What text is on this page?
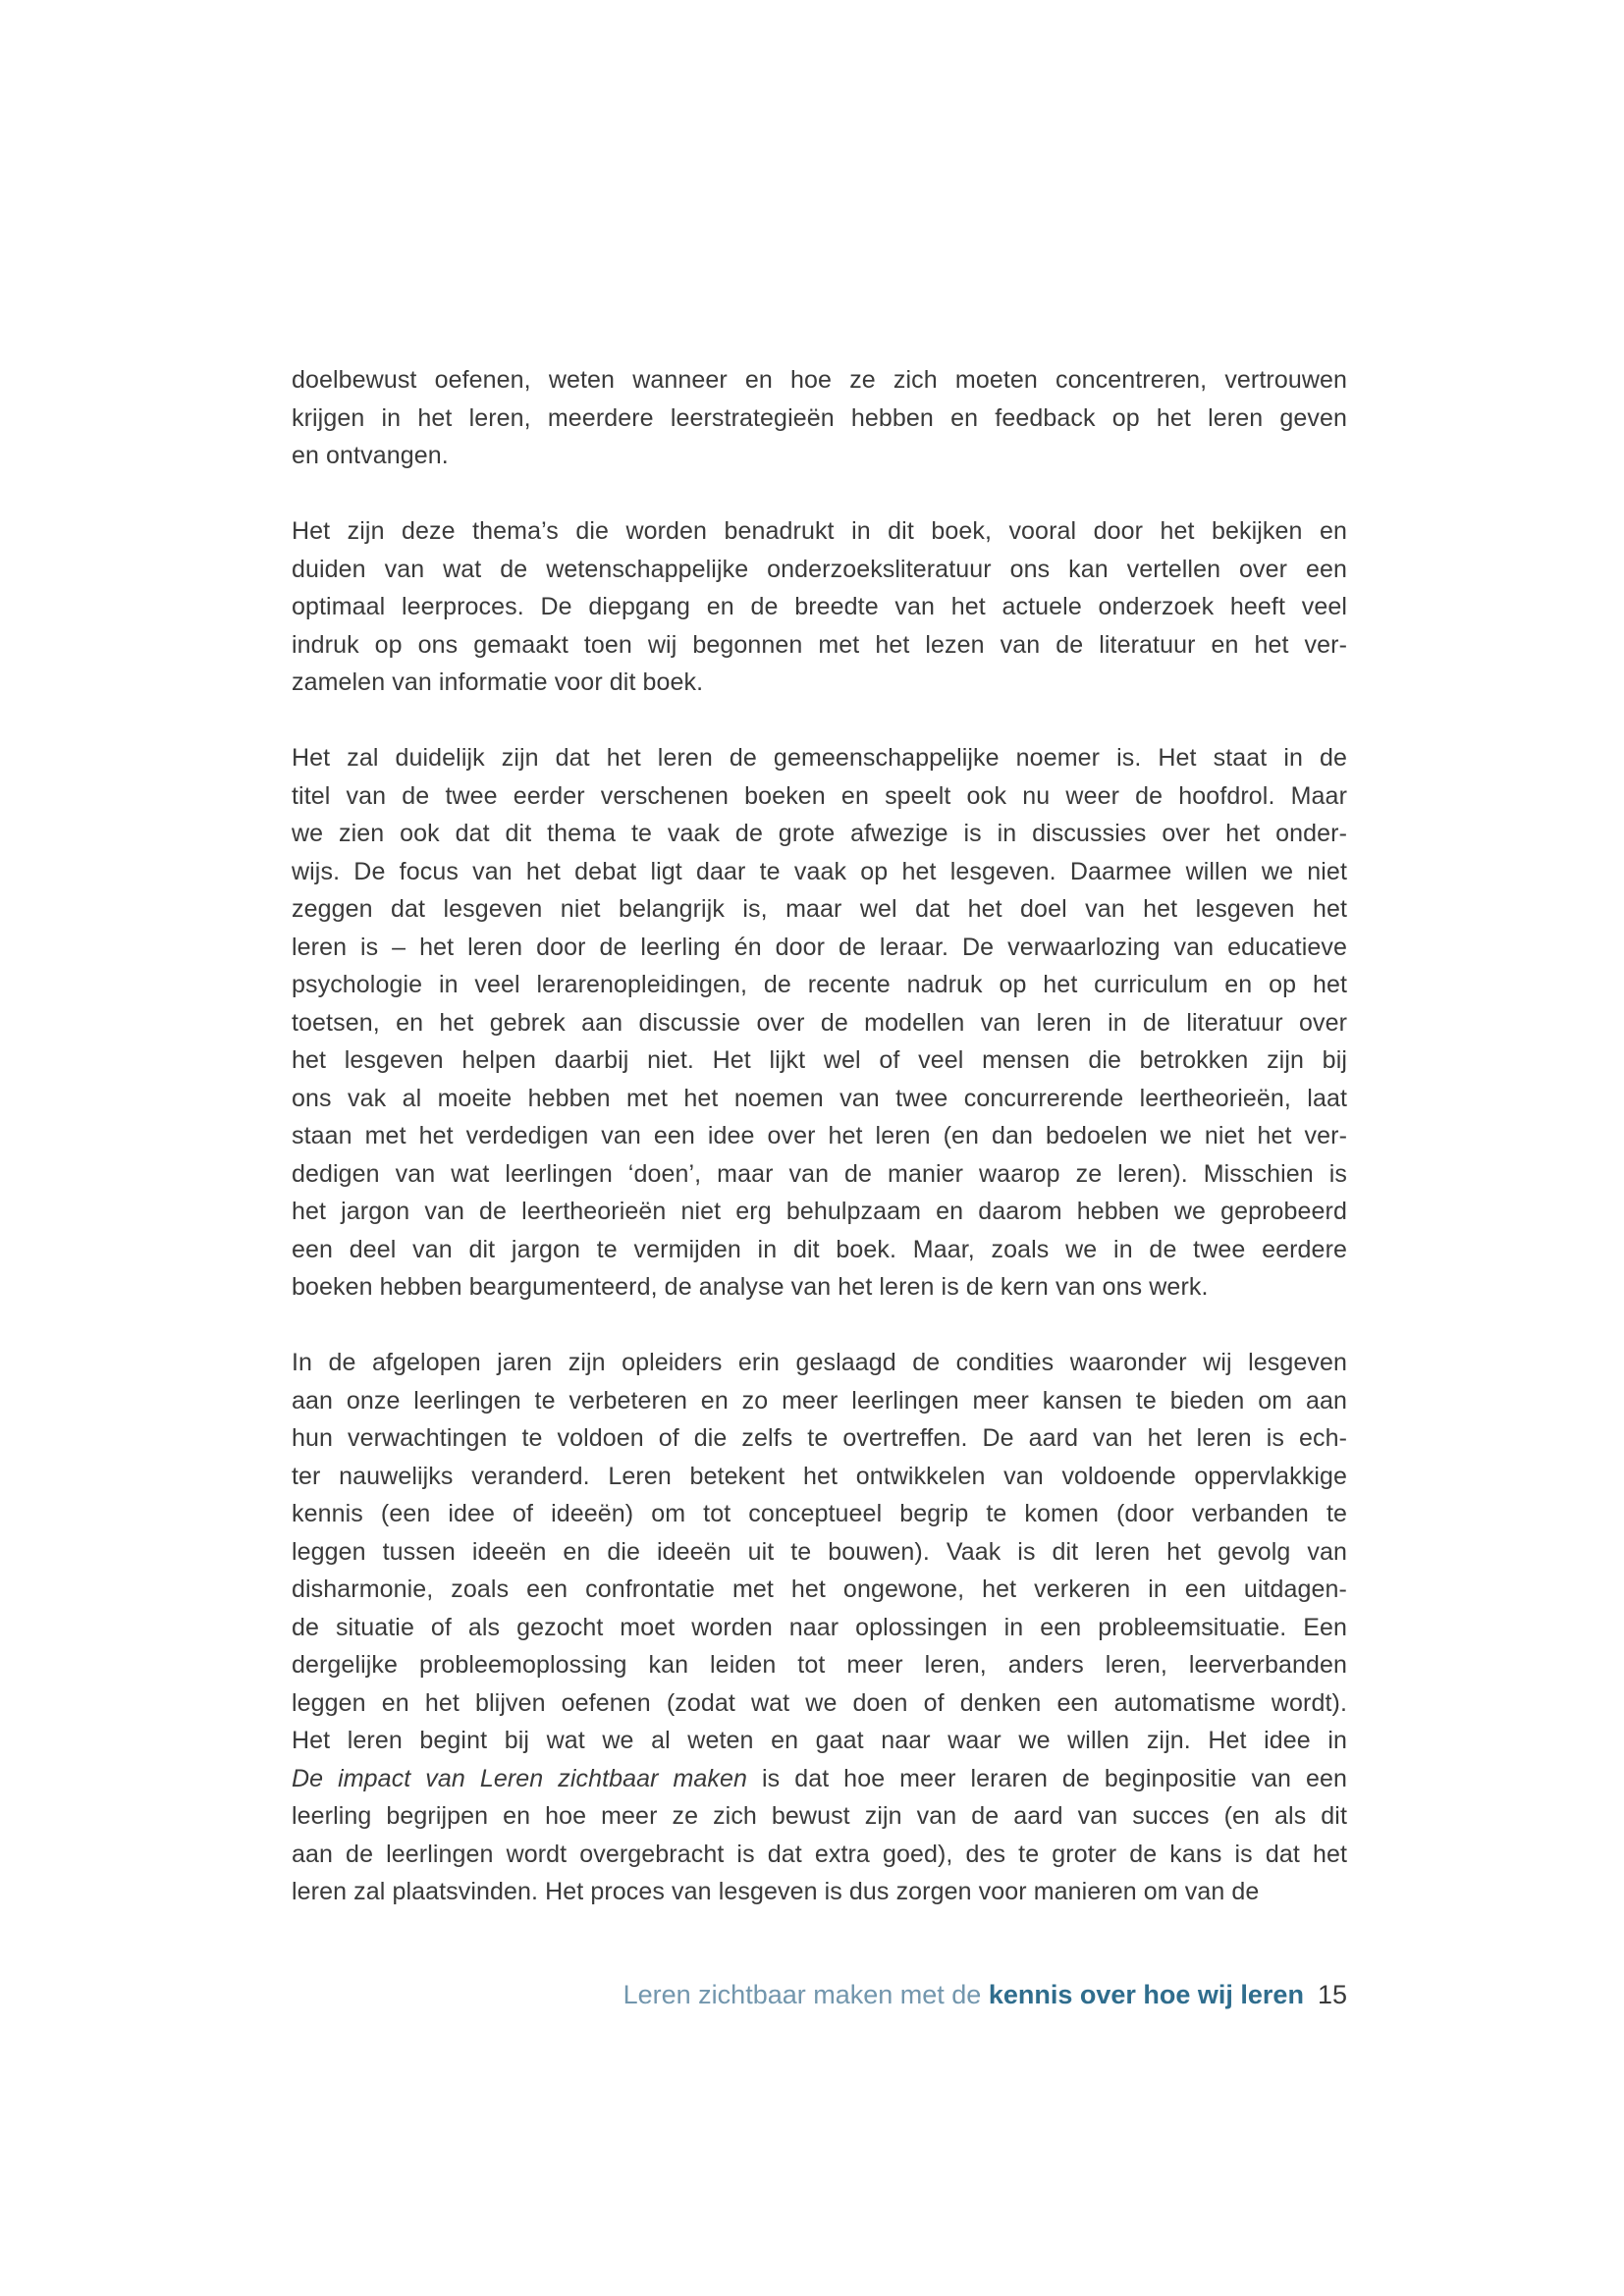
doelbewust oefenen, weten wanneer en hoe ze zich moeten concentreren, vertrouwen
krijgen in het leren, meerdere leerstrategieën hebben en feedback op het leren geven
en ontvangen.
Het zijn deze thema’s die worden benadrukt in dit boek, vooral door het bekijken en
duiden van wat de wetenschappelijke onderzoeksliteratuur ons kan vertellen over een
optimaal leerproces. De diepgang en de breedte van het actuele onderzoek heeft veel
indruk op ons gemaakt toen wij begonnen met het lezen van de literatuur en het ver-
zamelen van informatie voor dit boek.
Het zal duidelijk zijn dat het leren de gemeenschappelijke noemer is. Het staat in de
titel van de twee eerder verschenen boeken en speelt ook nu weer de hoofdrol. Maar
we zien ook dat dit thema te vaak de grote afwezige is in discussies over het onder-
wijs. De focus van het debat ligt daar te vaak op het lesgeven. Daarmee willen we niet
zeggen dat lesgeven niet belangrijk is, maar wel dat het doel van het lesgeven het
leren is – het leren door de leerling én door de leraar. De verwaarlozing van educatieve
psychologie in veel lerarenopleidingen, de recente nadruk op het curriculum en op het
toetsen, en het gebrek aan discussie over de modellen van leren in de literatuur over
het lesgeven helpen daarbij niet. Het lijkt wel of veel mensen die betrokken zijn bij
ons vak al moeite hebben met het noemen van twee concurrerende leertheorieën, laat
staan met het verdedigen van een idee over het leren (en dan bedoelen we niet het ver-
dedigen van wat leerlingen ‘doen’, maar van de manier waarop ze leren). Misschien is
het jargon van de leertheorieën niet erg behulpzaam en daarom hebben we geprobeerd
een deel van dit jargon te vermijden in dit boek. Maar, zoals we in de twee eerdere
boeken hebben beargumenteerd, de analyse van het leren is de kern van ons werk.
In de afgelopen jaren zijn opleiders erin geslaagd de condities waaronder wij lesgeven
aan onze leerlingen te verbeteren en zo meer leerlingen meer kansen te bieden om aan
hun verwachtingen te voldoen of die zelfs te overtreffen. De aard van het leren is ech-
ter nauwelijks veranderd. Leren betekent het ontwikkelen van voldoende oppervlakkige
kennis (een idee of ideeën) om tot conceptueel begrip te komen (door verbanden te
leggen tussen ideeën en die ideeën uit te bouwen). Vaak is dit leren het gevolg van
disharmonie, zoals een confrontatie met het ongewone, het verkeren in een uitdagen-
de situatie of als gezocht moet worden naar oplossingen in een probleemsituatie. Een
dergelijke probleemoplossing kan leiden tot meer leren, anders leren, leerverbanden
leggen en het blijven oefenen (zodat wat we doen of denken een automatisme wordt).
Het leren begint bij wat we al weten en gaat naar waar we willen zijn. Het idee in
De impact van Leren zichtbaar maken is dat hoe meer leraren de beginpositie van een
leerling begrijpen en hoe meer ze zich bewust zijn van de aard van succes (en als dit
aan de leerlingen wordt overgebracht is dat extra goed), des te groter de kans is dat het
leren zal plaatsvinden. Het proces van lesgeven is dus zorgen voor manieren om van de
Leren zichtbaar maken met de kennis over hoe wij leren 15
